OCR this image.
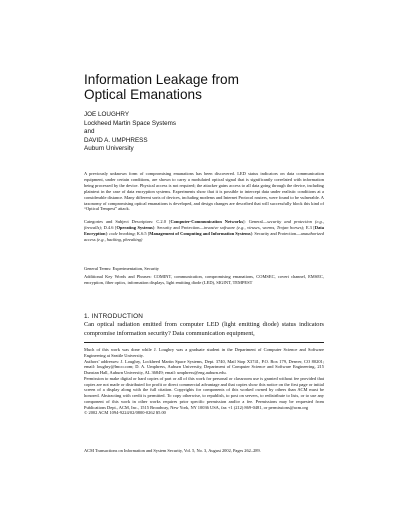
Information Leakage from
Optical Emanations
JOE LOUGHRY
Lockheed Martin Space Systems
and
DAVID A. UMPHRESS
Auburn University
A previously unknown form of compromising emanations has been discovered. LED status indicators on data communication equipment, under certain conditions, are shown to carry a modulated optical signal that is significantly correlated with information being processed by the device. Physical access is not required; the attacker gains access to all data going through the device, including plaintext in the case of data encryption systems. Experiments show that it is possible to intercept data under realistic conditions at a considerable distance. Many different sorts of devices, including modems and Internet Protocol routers, were found to be vulnerable. A taxonomy of compromising optical emanations is developed, and design changes are described that will successfully block this kind of “Optical Tempest” attack.
Categories and Subject Descriptors: C.2.0 [Computer-Communication Networks]: General—security and protection (e.g., firewalls); D.4.6 [Operating Systems]: Security and Protection—invasive software (e.g., viruses, worms, Trojan horses); E.3 [Data Encryption]: code breaking; K.6.5 [Management of Computing and Information Systems]: Security and Protection—unauthorized access (e.g., hacking, phreaking)
General Terms: Experimentation, Security
Additional Key Words and Phrases: COMINT, communication, compromising emanations, COMSEC, covert channel, EMSEC, encryption, fiber optics, information displays, light emitting diode (LED), SIGINT, TEMPEST
1. INTRODUCTION
Can optical radiation emitted from computer LED (light emitting diode) status indicators compromise information security? Data communication equipment,
Much of this work was done while J. Loughry was a graduate student in the Department of Computer Science and Software Engineering at Seattle University.
Authors’ addresses: J. Loughry, Lockheed Martin Space Systems, Dept. 3740, Mail Stop X3741, P.O. Box 179, Denver, CO 80201; email: loughry@lmco.com; D. A. Umphress, Auburn University, Department of Computer Science and Software Engineering, 215 Dunstan Hall, Auburn University, AL 36849; email: umphress@eng.auburn.edu.
Permission to make digital or hard copies of part or all of this work for personal or classroom use is granted without fee provided that copies are not made or distributed for profit or direct commercial advantage and that copies show this notice on the first page or initial screen of a display along with the full citation. Copyrights for components of this worked owned by others than ACM must be honored. Abstracting with credit is permitted. To copy otherwise, to republish, to post on servers, to redistribute to lists, or to use any component of this work in other works requires prior specific permission and/or a fee. Permissions may be requested from Publications Dept., ACM, Inc., 1515 Broadway, New York, NY 10036 USA, fax +1 (212) 869-0481, or permissions@acm.org
© 2002 ACM 1094-9224/02/0800-0262 $5.00
ACM Transactions on Information and System Security, Vol. 5, No. 3, August 2002, Pages 262–289.
